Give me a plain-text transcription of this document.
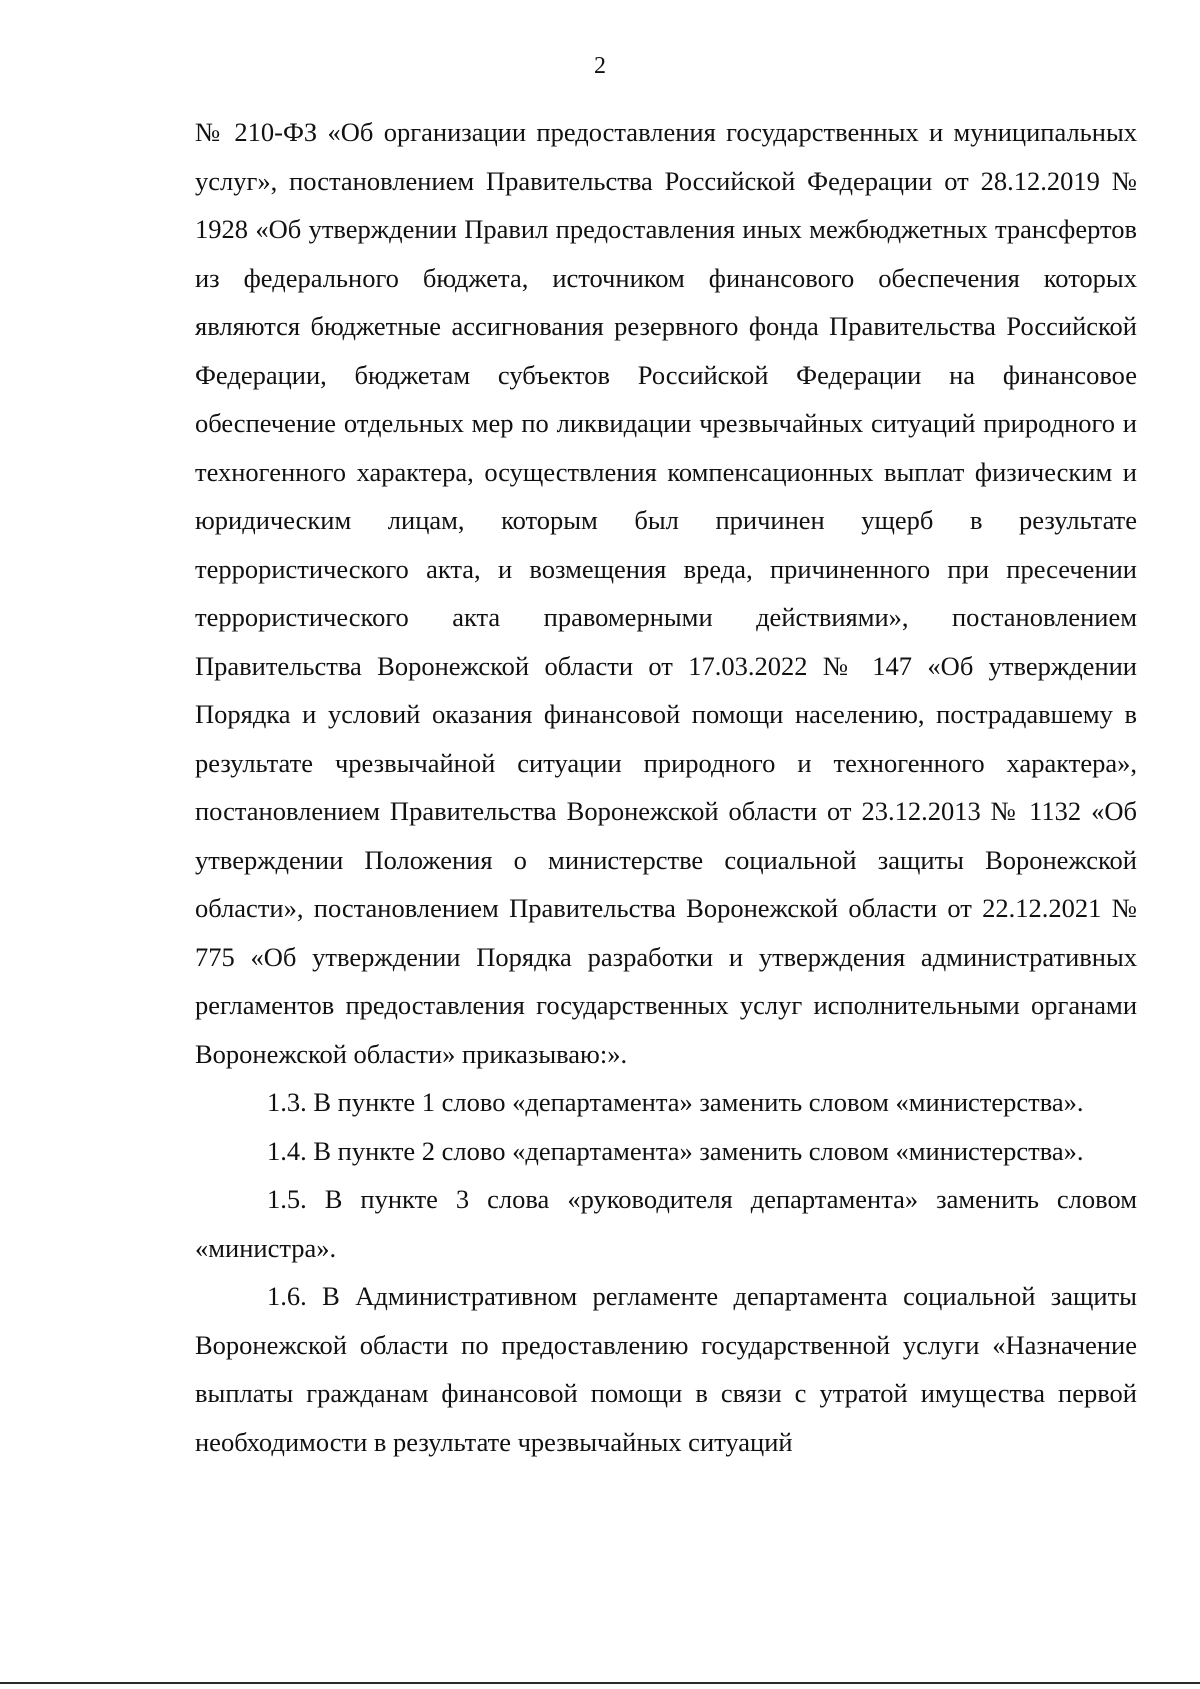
2

№ 210-ФЗ «Об организации предоставления государственных и муниципальных услуг», постановлением Правительства Российской Федерации от 28.12.2019 № 1928 «Об утверждении Правил предоставления иных межбюджетных трансфертов из федерального бюджета, источником финансового обеспечения которых являются бюджетные ассигнования резервного фонда Правительства Российской Федерации, бюджетам субъектов Российской Федерации на финансовое обеспечение отдельных мер по ликвидации чрезвычайных ситуаций природного и техногенного характера, осуществления компенсационных выплат физическим и юридическим лицам, которым был причинен ущерб в результате террористического акта, и возмещения вреда, причиненного при пресечении террористического акта правомерными действиями», постановлением Правительства Воронежской области от 17.03.2022 № 147 «Об утверждении Порядка и условий оказания финансовой помощи населению, пострадавшему в результате чрезвычайной ситуации природного и техногенного характера», постановлением Правительства Воронежской области от 23.12.2013 № 1132 «Об утверждении Положения о министерстве социальной защиты Воронежской области», постановлением Правительства Воронежской области от 22.12.2021 № 775 «Об утверждении Порядка разработки и утверждения административных регламентов предоставления государственных услуг исполнительными органами Воронежской области» приказываю:».

1.3. В пункте 1 слово «департамента» заменить словом «министерства».

1.4. В пункте 2 слово «департамента» заменить словом «министерства».

1.5. В пункте 3 слова «руководителя департамента» заменить словом «министра».

1.6. В Административном регламенте департамента социальной защиты Воронежской области по предоставлению государственной услуги «Назначение выплаты гражданам финансовой помощи в связи с утратой имущества первой необходимости в результате чрезвычайных ситуаций
